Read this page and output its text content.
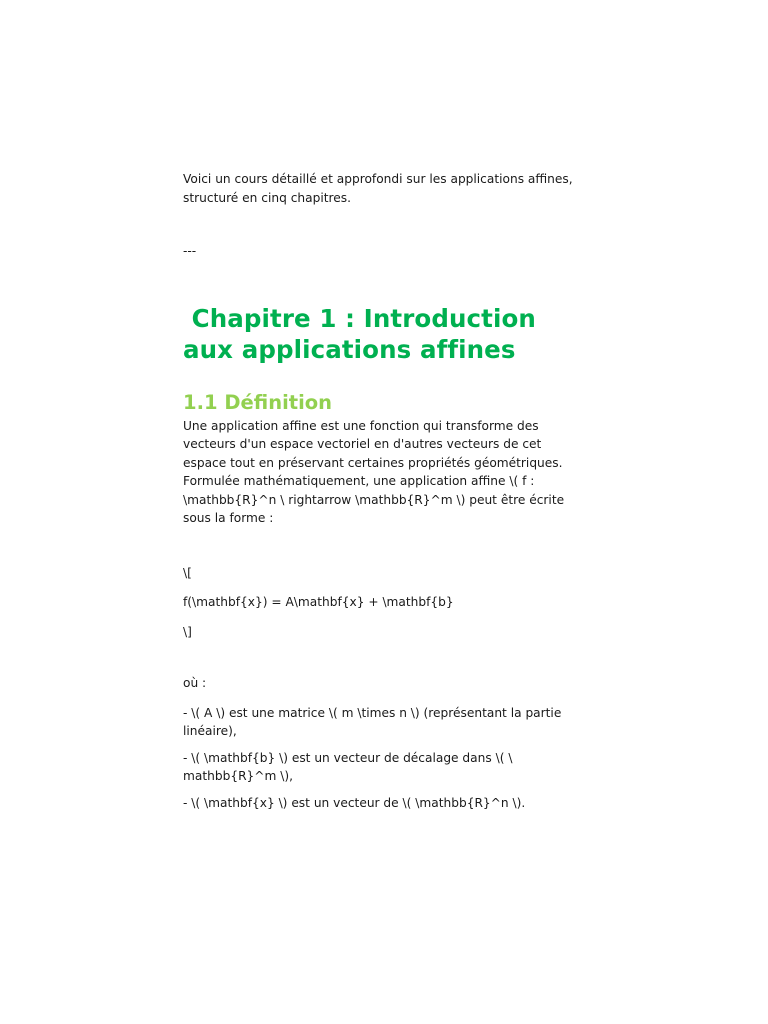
Voici un cours détaillé et approfondi sur les applications affines, structuré en cinq chapitres.

---

Chapitre 1 : Introduction aux applications affines
1.1 Définition

Une application affine est une fonction qui transforme des vecteurs d'un espace vectoriel en d'autres vecteurs de cet espace tout en préservant certaines propriétés géométriques. Formulée mathématiquement, une application affine \( f : \mathbb{R}^n \ rightarrow \mathbb{R}^m \) peut être écrite sous la forme :

\[

f(\mathbf{x}) = A\mathbf{x} + \mathbf{b}

\]

où :

- \( A \) est une matrice \( m \times n \) (représentant la partie linéaire),

- \( \mathbf{b} \) est un vecteur de décalage dans \( \ mathbb{R}^m \),

- \( \mathbf{x} \) est un vecteur de \( \mathbb{R}^n \).
